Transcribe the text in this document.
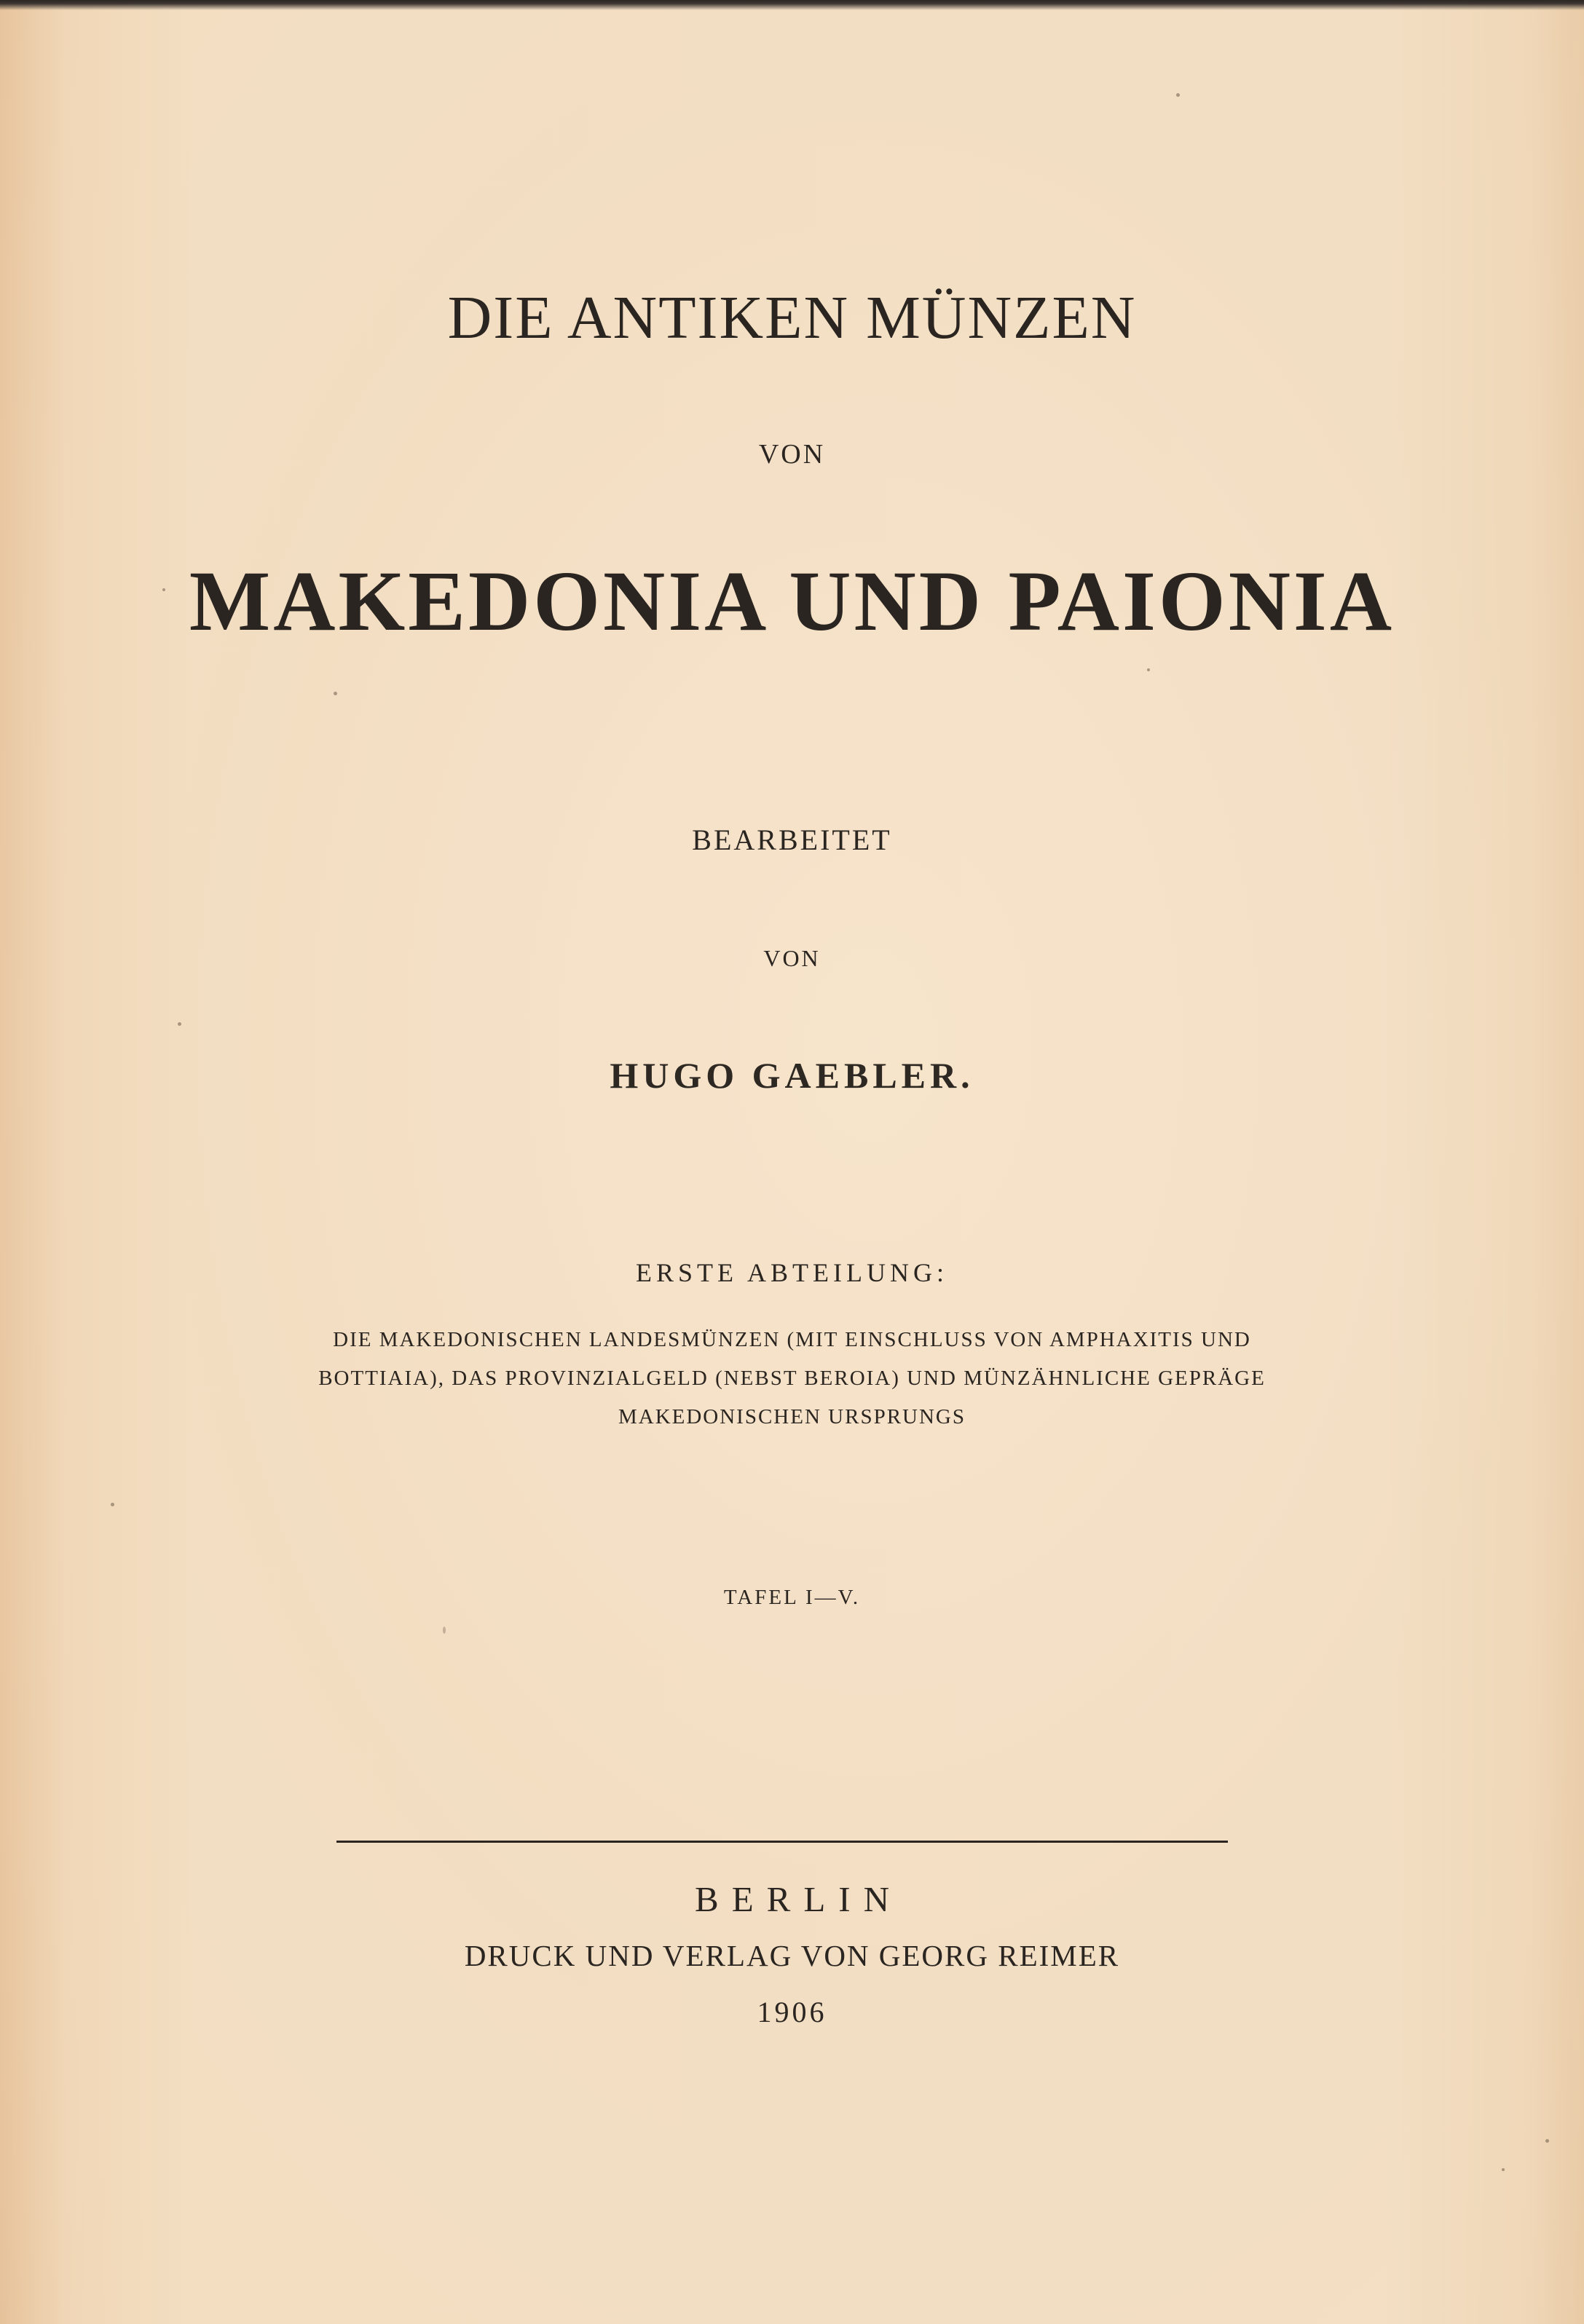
DIE ANTIKEN MÜNZEN

VON

MAKEDONIA UND PAIONIA

BEARBEITET

VON

HUGO GAEBLER.

ERSTE ABTEILUNG:

DIE MAKEDONISCHEN LANDESMÜNZEN (MIT EINSCHLUSS VON AMPHAXITIS UND
BOTTIAIA), DAS PROVINZIALGELD (NEBST BEROIA) UND MÜNZÄHNLICHE GEPRÄGE
MAKEDONISCHEN URSPRUNGS

TAFEL I—V.

BERLIN

DRUCK UND VERLAG VON GEORG REIMER

1906
